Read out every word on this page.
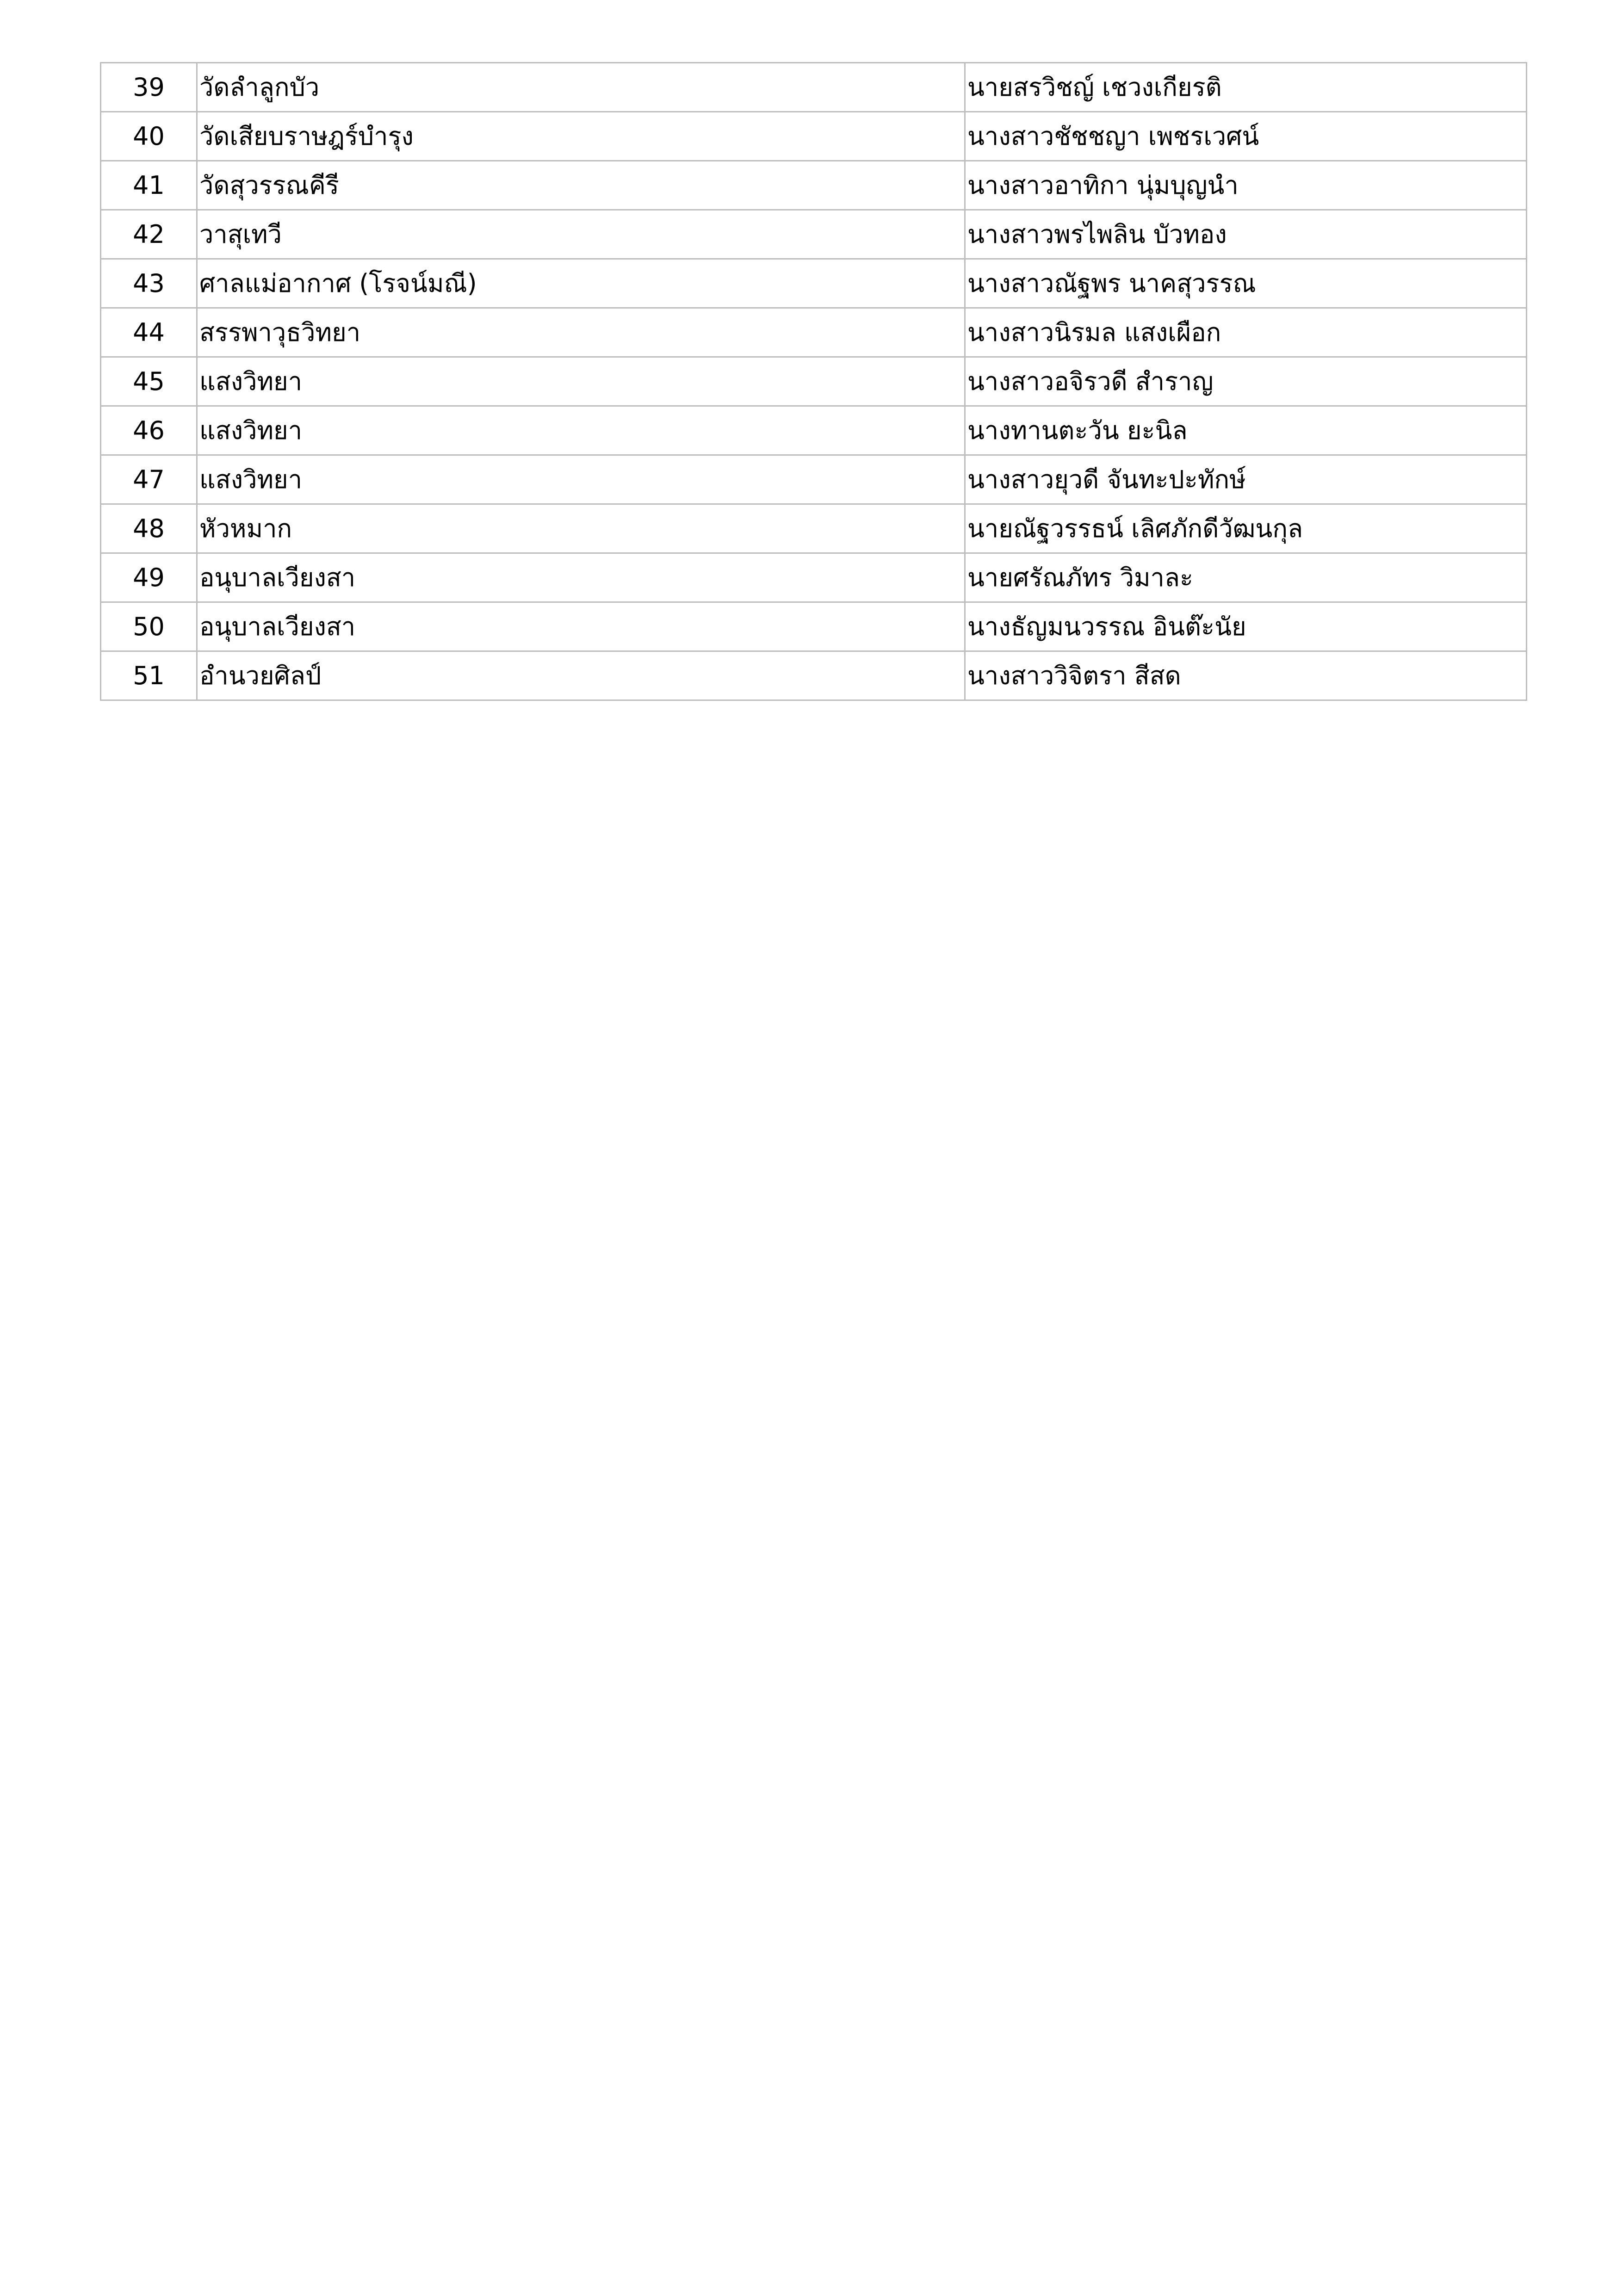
39	วัดลำลูกบัว	นายสรวิชญ์ เชวงเกียรติ
40	วัดเสียบราษฎร์บำรุง	นางสาวชัชชญา เพชรเวศน์
41	วัดสุวรรณคีรี	นางสาวอาทิกา นุ่มบุญนำ
42	วาสุเทวี	นางสาวพรไพลิน บัวทอง
43	ศาลแม่อากาศ (โรจน์มณี)	นางสาวณัฐพร นาคสุวรรณ
44	สรรพาวุธวิทยา	นางสาวนิรมล แสงเผือก
45	แสงวิทยา	นางสาวอจิรวดี สำราญ
46	แสงวิทยา	นางทานตะวัน ยะนิล
47	แสงวิทยา	นางสาวยุวดี จันทะปะทักษ์
48	หัวหมาก	นายณัฐวรรธน์ เลิศภักดีวัฒนกุล
49	อนุบาลเวียงสา	นายศรัณภัทร วิมาละ
50	อนุบาลเวียงสา	นางธัญมนวรรณ อินต๊ะนัย
51	อำนวยศิลป์	นางสาววิจิตรา สีสด
